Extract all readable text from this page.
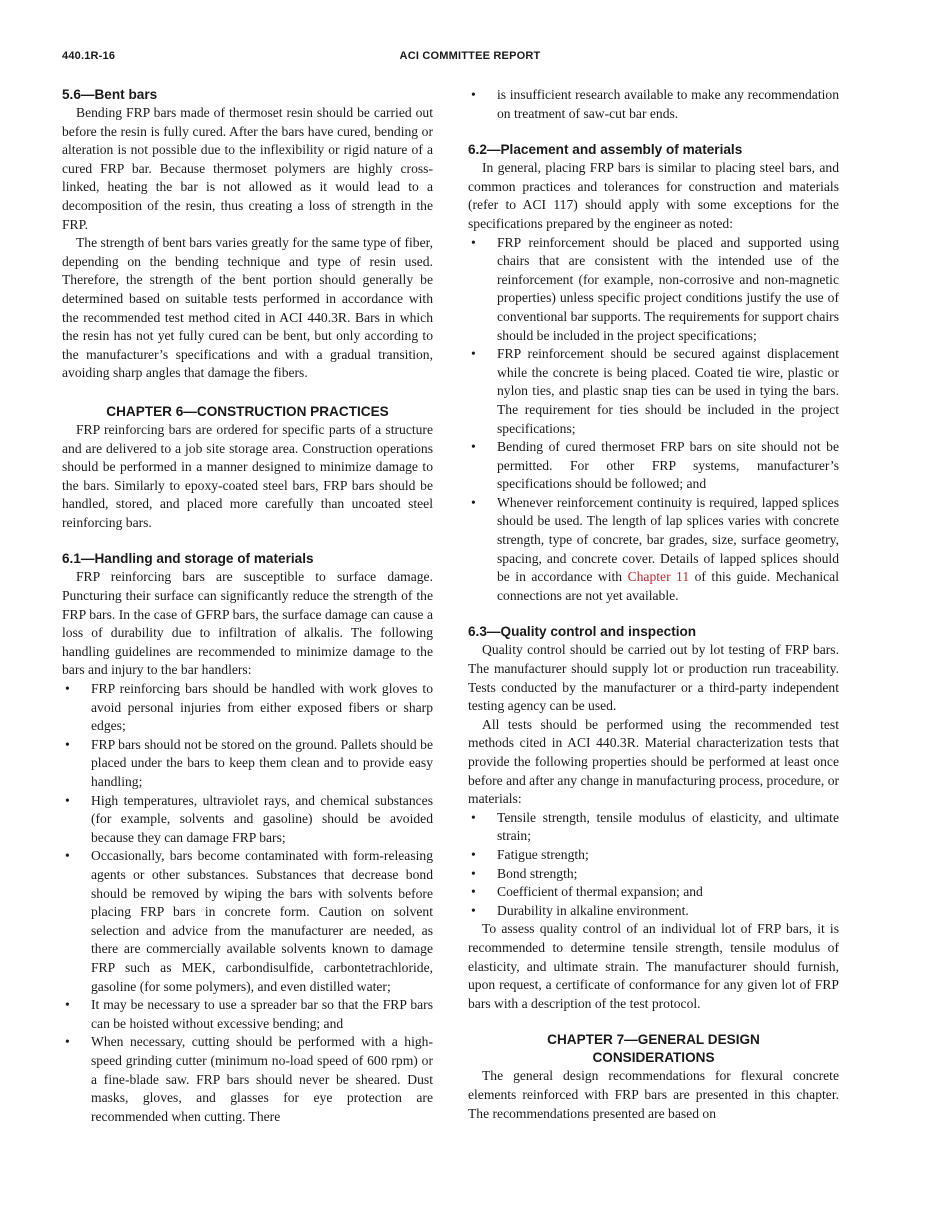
440.1R-16	ACI COMMITTEE REPORT
5.6—Bent bars

Bending FRP bars made of thermoset resin should be carried out before the resin is fully cured. After the bars have cured, bending or alteration is not possible due to the inflexibility or rigid nature of a cured FRP bar. Because thermoset polymers are highly cross-linked, heating the bar is not allowed as it would lead to a decomposition of the resin, thus creating a loss of strength in the FRP.

The strength of bent bars varies greatly for the same type of fiber, depending on the bending technique and type of resin used. Therefore, the strength of the bent portion should generally be determined based on suitable tests performed in accordance with the recommended test method cited in ACI 440.3R. Bars in which the resin has not yet fully cured can be bent, but only according to the manufacturer’s specifications and with a gradual transition, avoiding sharp angles that damage the fibers.

CHAPTER 6—CONSTRUCTION PRACTICES

FRP reinforcing bars are ordered for specific parts of a structure and are delivered to a job site storage area. Construction operations should be performed in a manner designed to minimize damage to the bars. Similarly to epoxy-coated steel bars, FRP bars should be handled, stored, and placed more carefully than uncoated steel reinforcing bars.

6.1—Handling and storage of materials

FRP reinforcing bars are susceptible to surface damage. Puncturing their surface can significantly reduce the strength of the FRP bars. In the case of GFRP bars, the surface damage can cause a loss of durability due to infiltration of alkalis. The following handling guidelines are recommended to minimize damage to the bars and injury to the bar handlers:

• FRP reinforcing bars should be handled with work gloves to avoid personal injuries from either exposed fibers or sharp edges;
• FRP bars should not be stored on the ground. Pallets should be placed under the bars to keep them clean and to provide easy handling;
• High temperatures, ultraviolet rays, and chemical substances (for example, solvents and gasoline) should be avoided because they can damage FRP bars;
• Occasionally, bars become contaminated with form-releasing agents or other substances. Substances that decrease bond should be removed by wiping the bars with solvents before placing FRP bars in concrete form. Caution on solvent selection and advice from the manufacturer are needed, as there are commercially available solvents known to damage FRP such as MEK, carbondisulfide, carbontetrachloride, gasoline (for some polymers), and even distilled water;
• It may be necessary to use a spreader bar so that the FRP bars can be hoisted without excessive bending; and
• When necessary, cutting should be performed with a high-speed grinding cutter (minimum no-load speed of 600 rpm) or a fine-blade saw. FRP bars should never be sheared. Dust masks, gloves, and glasses for eye protection are recommended when cutting. There
• is insufficient research available to make any recommendation on treatment of saw-cut bar ends.
6.2—Placement and assembly of materials

In general, placing FRP bars is similar to placing steel bars, and common practices and tolerances for construction and materials (refer to ACI 117) should apply with some exceptions for the specifications prepared by the engineer as noted:

• FRP reinforcement should be placed and supported using chairs that are consistent with the intended use of the reinforcement (for example, non-corrosive and non-magnetic properties) unless specific project conditions justify the use of conventional bar supports. The requirements for support chairs should be included in the project specifications;
• FRP reinforcement should be secured against displacement while the concrete is being placed. Coated tie wire, plastic or nylon ties, and plastic snap ties can be used in tying the bars. The requirement for ties should be included in the project specifications;
• Bending of cured thermoset FRP bars on site should not be permitted. For other FRP systems, manufacturer’s specifications should be followed; and
• Whenever reinforcement continuity is required, lapped splices should be used. The length of lap splices varies with concrete strength, type of concrete, bar grades, size, surface geometry, spacing, and concrete cover. Details of lapped splices should be in accordance with Chapter 11 of this guide. Mechanical connections are not yet available.
6.3—Quality control and inspection

Quality control should be carried out by lot testing of FRP bars. The manufacturer should supply lot or production run traceability. Tests conducted by the manufacturer or a third-party independent testing agency can be used.

All tests should be performed using the recommended test methods cited in ACI 440.3R. Material characterization tests that provide the following properties should be performed at least once before and after any change in manufacturing process, procedure, or materials:

• Tensile strength, tensile modulus of elasticity, and ultimate strain;
• Fatigue strength;
• Bond strength;
• Coefficient of thermal expansion; and
• Durability in alkaline environment.

To assess quality control of an individual lot of FRP bars, it is recommended to determine tensile strength, tensile modulus of elasticity, and ultimate strain. The manufacturer should furnish, upon request, a certificate of conformance for any given lot of FRP bars with a description of the test protocol.

CHAPTER 7—GENERAL DESIGN
CONSIDERATIONS

The general design recommendations for flexural concrete elements reinforced with FRP bars are presented in this chapter. The recommendations presented are based on
